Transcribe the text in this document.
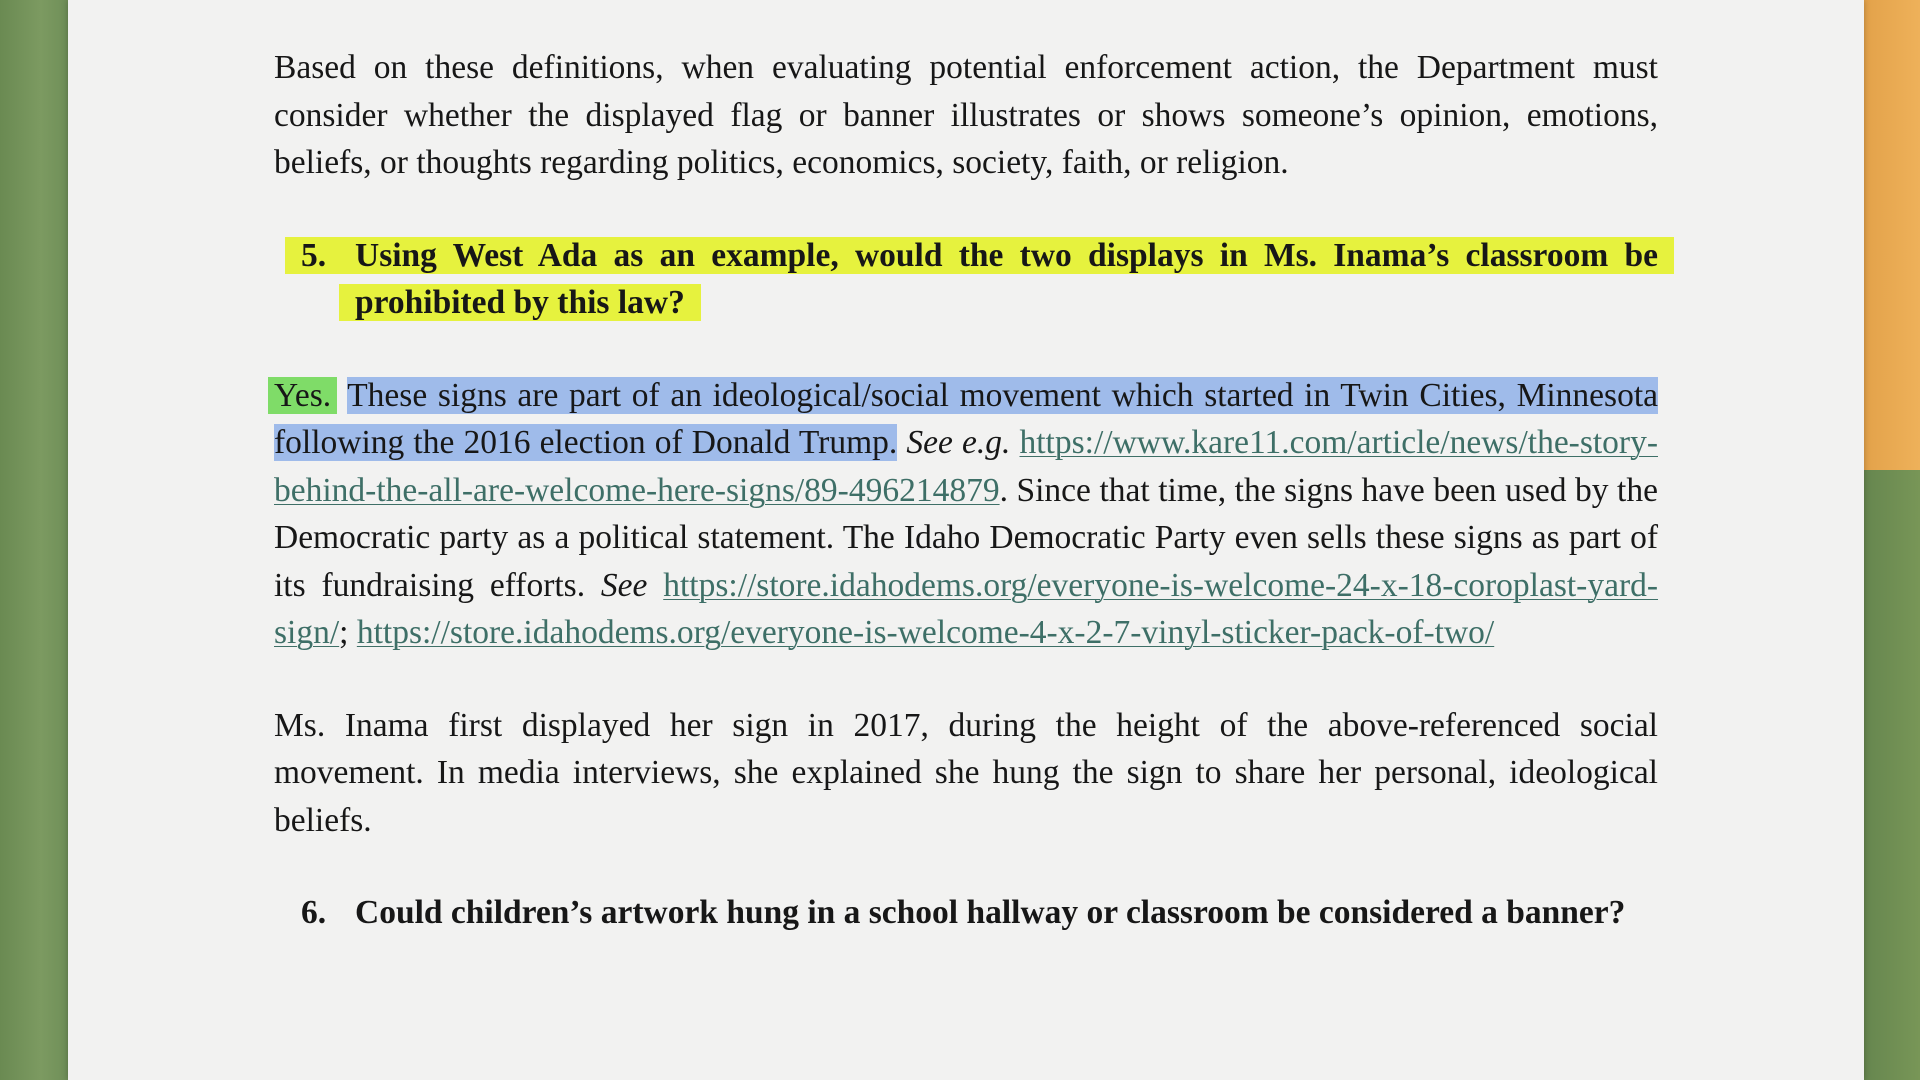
Based on these definitions, when evaluating potential enforcement action, the Department must consider whether the displayed flag or banner illustrates or shows someone’s opinion, emotions, beliefs, or thoughts regarding politics, economics, society, faith, or religion.

5. Using West Ada as an example, would the two displays in Ms. Inama’s classroom be prohibited by this law?

Yes. These signs are part of an ideological/social movement which started in Twin Cities, Minnesota following the 2016 election of Donald Trump. See e.g. https://www.kare11.com/article/news/the-story-behind-the-all-are-welcome-here-signs/89-496214879. Since that time, the signs have been used by the Democratic party as a political statement. The Idaho Democratic Party even sells these signs as part of its fundraising efforts. See https://store.idahodems.org/everyone-is-welcome-24-x-18-coroplast-yard-sign/; https://store.idahodems.org/everyone-is-welcome-4-x-2-7-vinyl-sticker-pack-of-two/

Ms. Inama first displayed her sign in 2017, during the height of the above-referenced social movement. In media interviews, she explained she hung the sign to share her personal, ideological beliefs.

6. Could children’s artwork hung in a school hallway or classroom be considered a banner?
